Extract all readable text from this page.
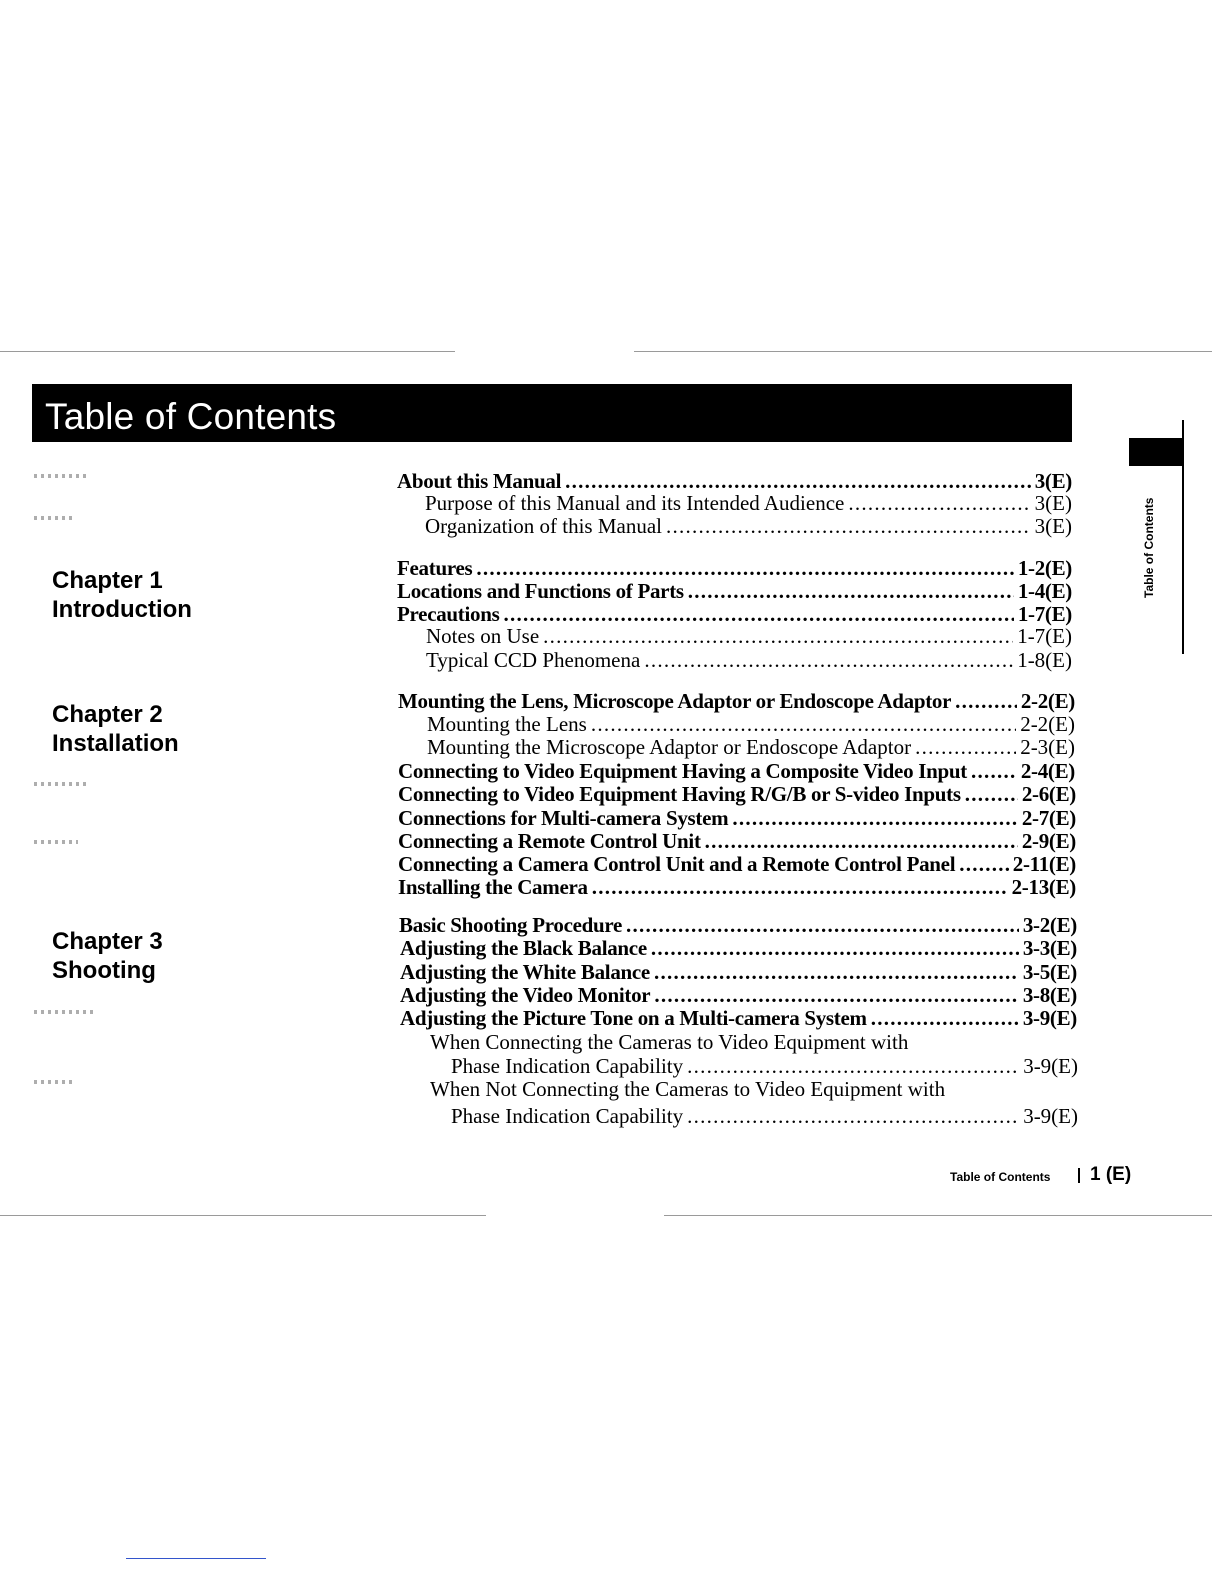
Table of Contents
Table of Contents
Chapter 1
Introduction
Chapter 2
Installation
Chapter 3
Shooting
About this Manual . . .	3(E)
Purpose of this Manual and its Intended Audience . . .	3(E)
Organization of this Manual . . .	3(E)
Features . . .	1-2(E)
Locations and Functions of Parts . . .	1-4(E)
Precautions . . .	1-7(E)
Notes on Use . . .	1-7(E)
Typical CCD Phenomena . . .	1-8(E)
Mounting the Lens, Microscope Adaptor or Endoscope Adaptor . . .	2-2(E)
Mounting the Lens . . .	2-2(E)
Mounting the Microscope Adaptor or Endoscope Adaptor . . .	2-3(E)
Connecting to Video Equipment Having a Composite Video Input . . .	2-4(E)
Connecting to Video Equipment Having R/G/B or S-video Inputs . . .	2-6(E)
Connections for Multi-camera System . . .	2-7(E)
Connecting a Remote Control Unit . . .	2-9(E)
Connecting a Camera Control Unit and a Remote Control Panel . . .	2-11(E)
Installing the Camera . . .	2-13(E)
Basic Shooting Procedure . . .	3-2(E)
Adjusting the Black Balance . . .	3-3(E)
Adjusting the White Balance . . .	3-5(E)
Adjusting the Video Monitor . . .	3-8(E)
Adjusting the Picture Tone on a Multi-camera System . . .	3-9(E)
When Connecting the Cameras to Video Equipment with
Phase Indication Capability . . .	3-9(E)
When Not Connecting the Cameras to Video Equipment with
Phase Indication Capability . . .	3-9(E)
Table of Contents 1 (E)
